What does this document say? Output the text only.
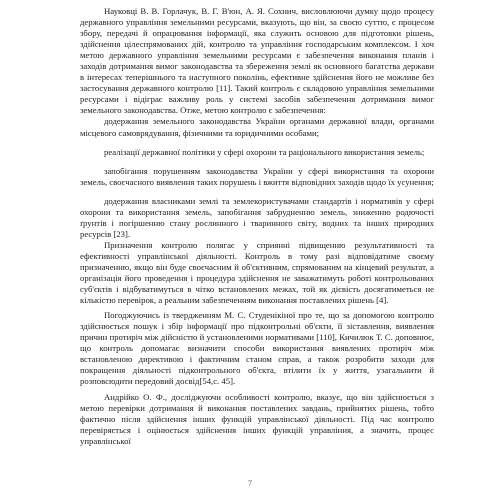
Науковці В. В. Горлачук, В. Г. В'юн, А. Я. Сохнич, висловлюючи думку щодо процесу державного управління земельними ресурсами, вказують, що він, за своєю суттю, є процесом збору, передачі й опрацювання інформації, яка служить основою для підготовки рішень, здійснення цілеспрямованих дій, контролю та управління господарським комплексом. І хоч метою державного управління земельними ресурсами є забезпечення виконання планів і заходів дотримання вимог законодавства та збереження землі як основного багатства держави в інтересах теперішнього та наступного поколінь, ефективне здійснення його не можливе без застосування державного контролю [11]. Такий контроль є складовою управління земельними ресурсами і відіграє важливу роль у системі засобів забезпечення дотримання вимог земельного законодавства. Отже, метою контролю є забезпечення:

додержання земельного законодавства України органами державної влади, органами місцевого самоврядування, фізичними та юридичними особами;

реалізації державної політики у сфері охорони та раціонального використання земель;

запобігання порушенням законодавства України у сфері використання та охорони земель, своєчасного виявлення таких порушень і вжиття відповідних заходів щодо їх усунення;

додержання власниками землі та землекористувачами стандартів і нормативів у сфері охорони та використання земель, запобігання забрудненню земель, зниженню родючості ґрунтів і погіршенню стану рослинного і тваринного світу, водних та інших природних ресурсів [23].

Призначення контролю полягає у сприянні підвищенню результативності та ефективності управлінської діяльності. Контроль в тому разі відповідатиме своєму призначенню, якщо він буде своєчасним й об'єктивним, спрямованим на кінцевий результат, а організація його проведення і процедура здійснення не заважатимуть роботі контрольованих суб'єктів і відбуватимуться в чітко встановлених межах, той як дієвість досягатиметься не кількістю перевірок, а реальним забезпеченням виконання поставлених рішень [4].

Погоджуючись із твердженням М. С. Студенікіної про те, що за допомогою контролю здійснюється пошук і збір інформації про підконтрольні об'єкти, її зіставлення, виявлення причин протиріч між дійсністю й установленими нормативами [110], Кичилюк Т. С. доповнює, що контроль допомагає визначити способи використання виявлених протиріч між встановленою директивою і фактичним станом справ, а також розробити заходи для покращення діяльності підконтрольного об'єкта, втілити їх у життя, узагальнити й розповсюдити передовий досвід[54,с. 45].

Андрійко О. Ф., досліджуючи особливості контролю, вказує, що він здійснюється з метою перевірки дотримання й виконання поставлених завдань, прийнятих рішень, тобто фактично після здійснення інших функцій управлінської діяльності. Під час контролю перевіряється і оцінюється здійснення інших функцій управління, а значить, процес управлінської

7
